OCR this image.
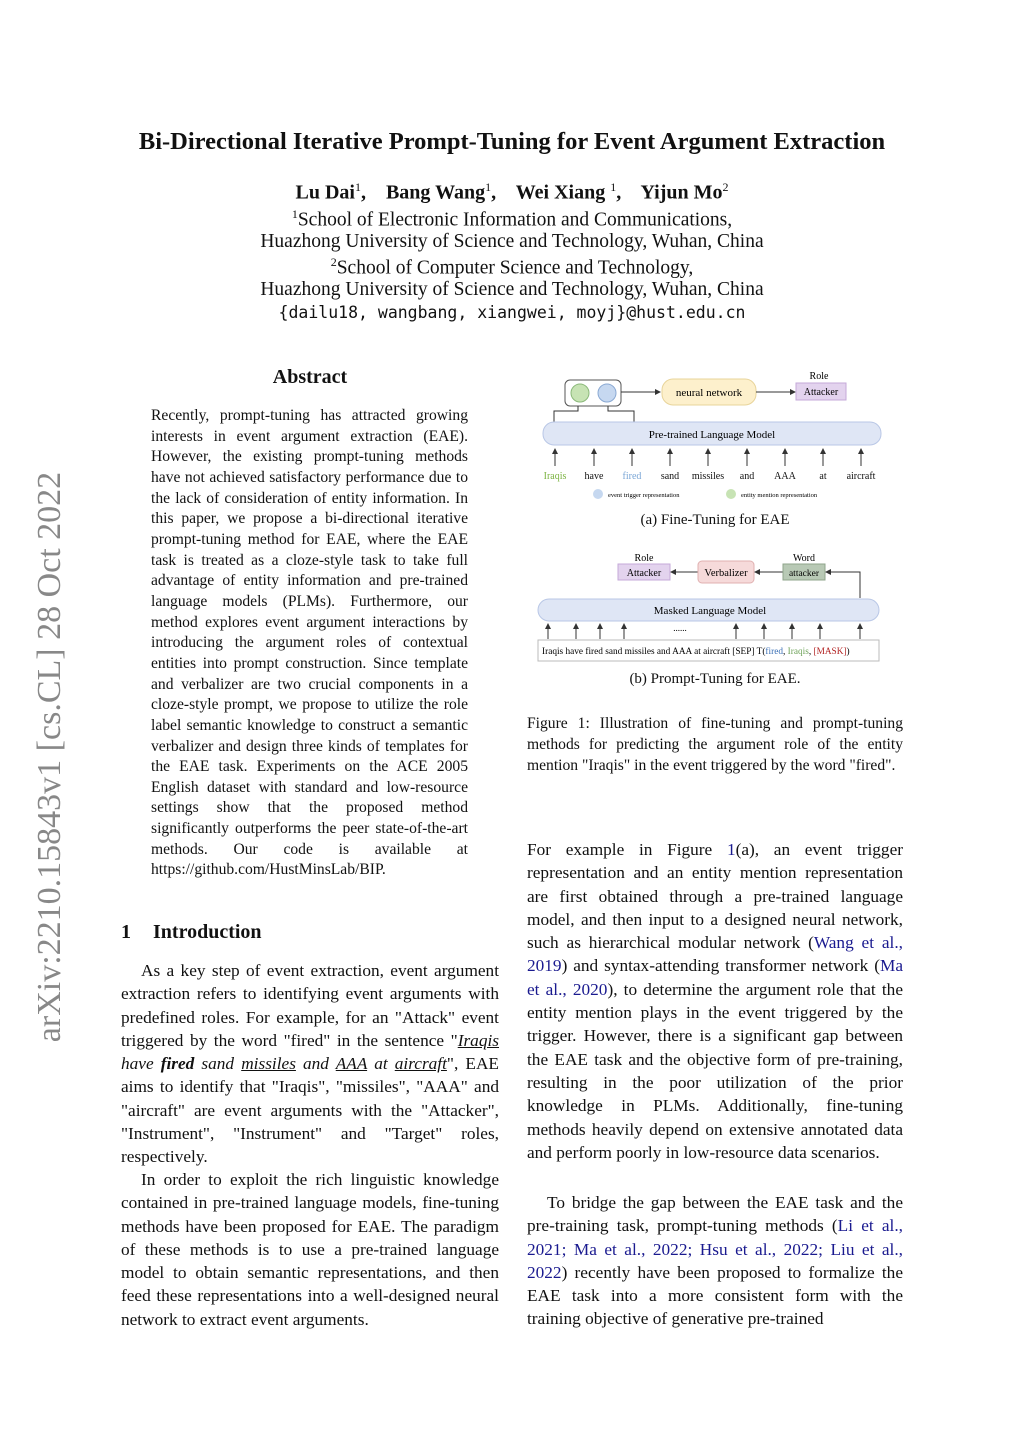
arXiv:2210.15843v1 [cs.CL] 28 Oct 2022
Bi-Directional Iterative Prompt-Tuning for Event Argument Extraction
Lu Dai$^1$,    Bang Wang$^1$,    Wei Xiang $^1$,    Yijun Mo$^2$
$^1$School of Electronic Information and Communications,
Huazhong University of Science and Technology, Wuhan, China
$^2$School of Computer Science and Technology,
Huazhong University of Science and Technology, Wuhan, China
{dailu18, wangbang, xiangwei, moyj}@hust.edu.cn
Abstract
Recently, prompt-tuning has attracted growing interests in event argument extraction (EAE). However, the existing prompt-tuning methods have not achieved satisfactory performance due to the lack of consideration of entity information. In this paper, we propose a bi-directional iterative prompt-tuning method for EAE, where the EAE task is treated as a cloze-style task to take full advantage of entity information and pre-trained language models (PLMs). Furthermore, our method explores event argument interactions by introducing the argument roles of contextual entities into prompt construction. Since template and verbalizer are two crucial components in a cloze-style prompt, we propose to utilize the role label semantic knowledge to construct a semantic verbalizer and design three kinds of templates for the EAE task. Experiments on the ACE 2005 English dataset with standard and low-resource settings show that the proposed method significantly outperforms the peer state-of-the-art methods. Our code is available at https://github.com/HustMinsLab/BIP.
1 Introduction
As a key step of event extraction, event argument extraction refers to identifying event arguments with predefined roles. For example, for an "Attack" event triggered by the word "fired" in the sentence "Iraqis have fired sand missiles and AAA at aircraft", EAE aims to identify that "Iraqis", "missiles", "AAA" and "aircraft" are event arguments with the "Attacker", "Instrument", "Instrument" and "Target" roles, respectively.
In order to exploit the rich linguistic knowledge contained in pre-trained language models, fine-tuning methods have been proposed for EAE. The paradigm of these methods is to use a pre-trained language model to obtain semantic representations, and then feed these representations into a well-designed neural network to extract event arguments.
For example in Figure 1(a), an event trigger representation and an entity mention representation are first obtained through a pre-trained language model, and then input to a designed neural network, such as hierarchical modular network (Wang et al., 2019) and syntax-attending transformer network (Ma et al., 2020), to determine the argument role that the entity mention plays in the event triggered by the trigger. However, there is a significant gap between the EAE task and the objective form of pre-training, resulting in the poor utilization of the prior knowledge in PLMs. Additionally, fine-tuning methods heavily depend on extensive annotated data and perform poorly in low-resource data scenarios.
To bridge the gap between the EAE task and the pre-training task, prompt-tuning methods (Li et al., 2021; Ma et al., 2022; Hsu et al., 2022; Liu et al., 2022) recently have been proposed to formalize the EAE task into a more consistent form with the training objective of generative pre-trained
neural network
Role
Attacker
Pre-trained Language Model
Iraqis have fired sand missiles and AAA at aircraft
event trigger representation	entity mention representation
(a) Fine-Tuning for EAE
Role
Attacker	Verbalizer
Word
attacker
Masked Language Model
......
Iraqis have fired sand missiles and AAA at aircraft [SEP] T(fired, Iraqis, [MASK])
(b) Prompt-Tuning for EAE.
Figure 1: Illustration of fine-tuning and prompt-tuning methods for predicting the argument role of the entity mention "Iraqis" in the event triggered by the word "fired".
